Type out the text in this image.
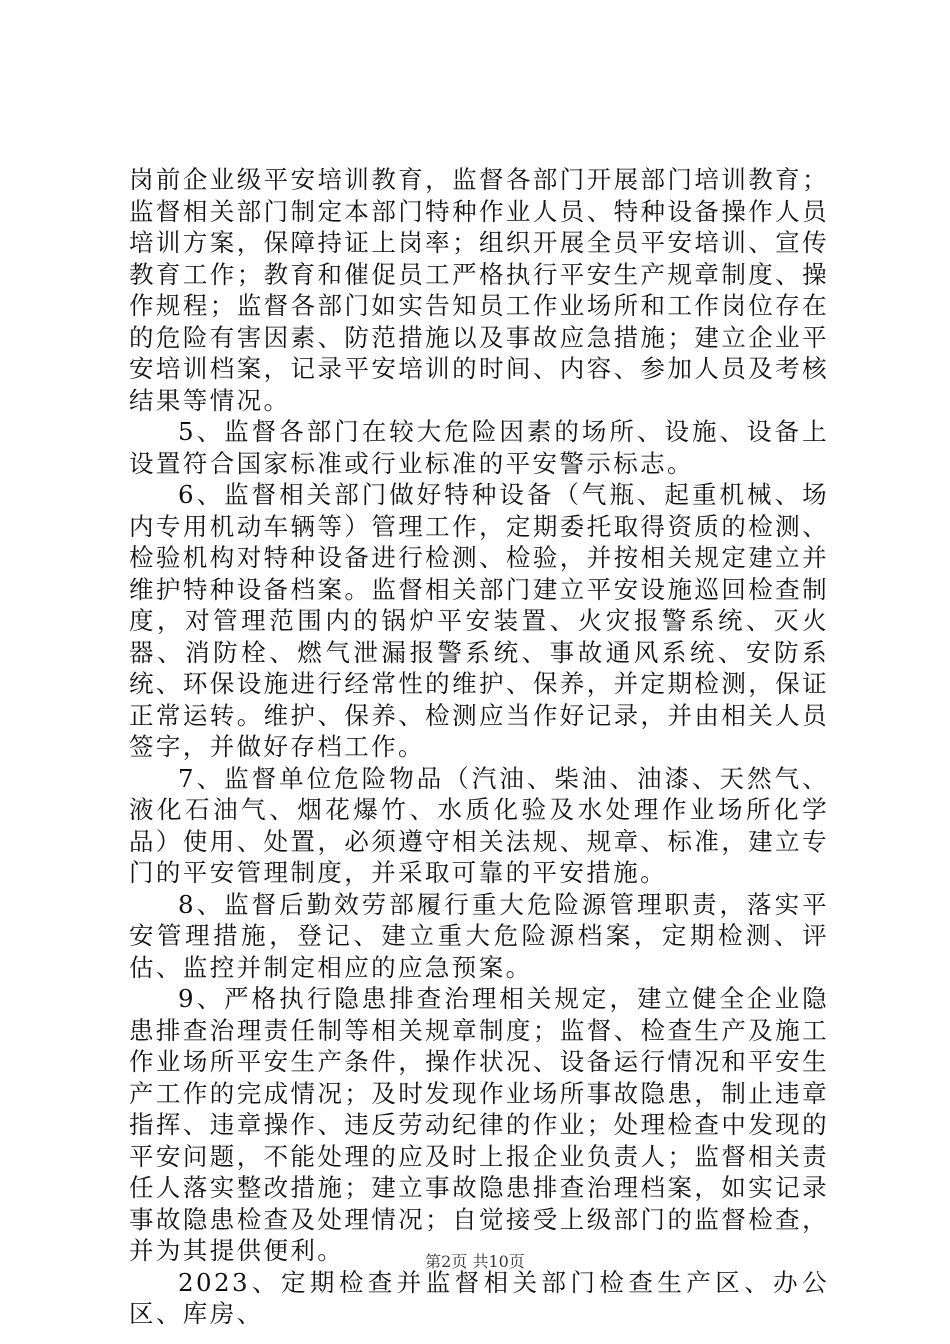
岗前企业级平安培训教育，监督各部门开展部门培训教育；监督相关部门制定本部门特种作业人员、特种设备操作人员培训方案，保障持证上岗率；组织开展全员平安培训、宣传教育工作；教育和催促员工严格执行平安生产规章制度、操作规程；监督各部门如实告知员工作业场所和工作岗位存在的危险有害因素、防范措施以及事故应急措施；建立企业平安培训档案，记录平安培训的时间、内容、参加人员及考核结果等情况。

5、监督各部门在较大危险因素的场所、设施、设备上设置符合国家标准或行业标准的平安警示标志。

6、监督相关部门做好特种设备（气瓶、起重机械、场内专用机动车辆等）管理工作，定期委托取得资质的检测、检验机构对特种设备进行检测、检验，并按相关规定建立并维护特种设备档案。监督相关部门建立平安设施巡回检查制度，对管理范围内的锅炉平安装置、火灾报警系统、灭火器、消防栓、燃气泄漏报警系统、事故通风系统、安防系统、环保设施进行经常性的维护、保养，并定期检测，保证正常运转。维护、保养、检测应当作好记录，并由相关人员签字，并做好存档工作。

7、监督单位危险物品（汽油、柴油、油漆、天然气、液化石油气、烟花爆竹、水质化验及水处理作业场所化学品）使用、处置，必须遵守相关法规、规章、标准，建立专门的平安管理制度，并采取可靠的平安措施。

8、监督后勤效劳部履行重大危险源管理职责，落实平安管理措施，登记、建立重大危险源档案，定期检测、评估、监控并制定相应的应急预案。

9、严格执行隐患排查治理相关规定，建立健全企业隐患排查治理责任制等相关规章制度；监督、检查生产及施工作业场所平安生产条件，操作状况、设备运行情况和平安生产工作的完成情况；及时发现作业场所事故隐患，制止违章指挥、违章操作、违反劳动纪律的作业；处理检查中发现的平安问题，不能处理的应及时上报企业负责人；监督相关责任人落实整改措施；建立事故隐患排查治理档案，如实记录事故隐患检查及处理情况；自觉接受上级部门的监督检查，并为其提供便利。

2023、定期检查并监督相关部门检查生产区、办公区、库房、

第2页 共10页
